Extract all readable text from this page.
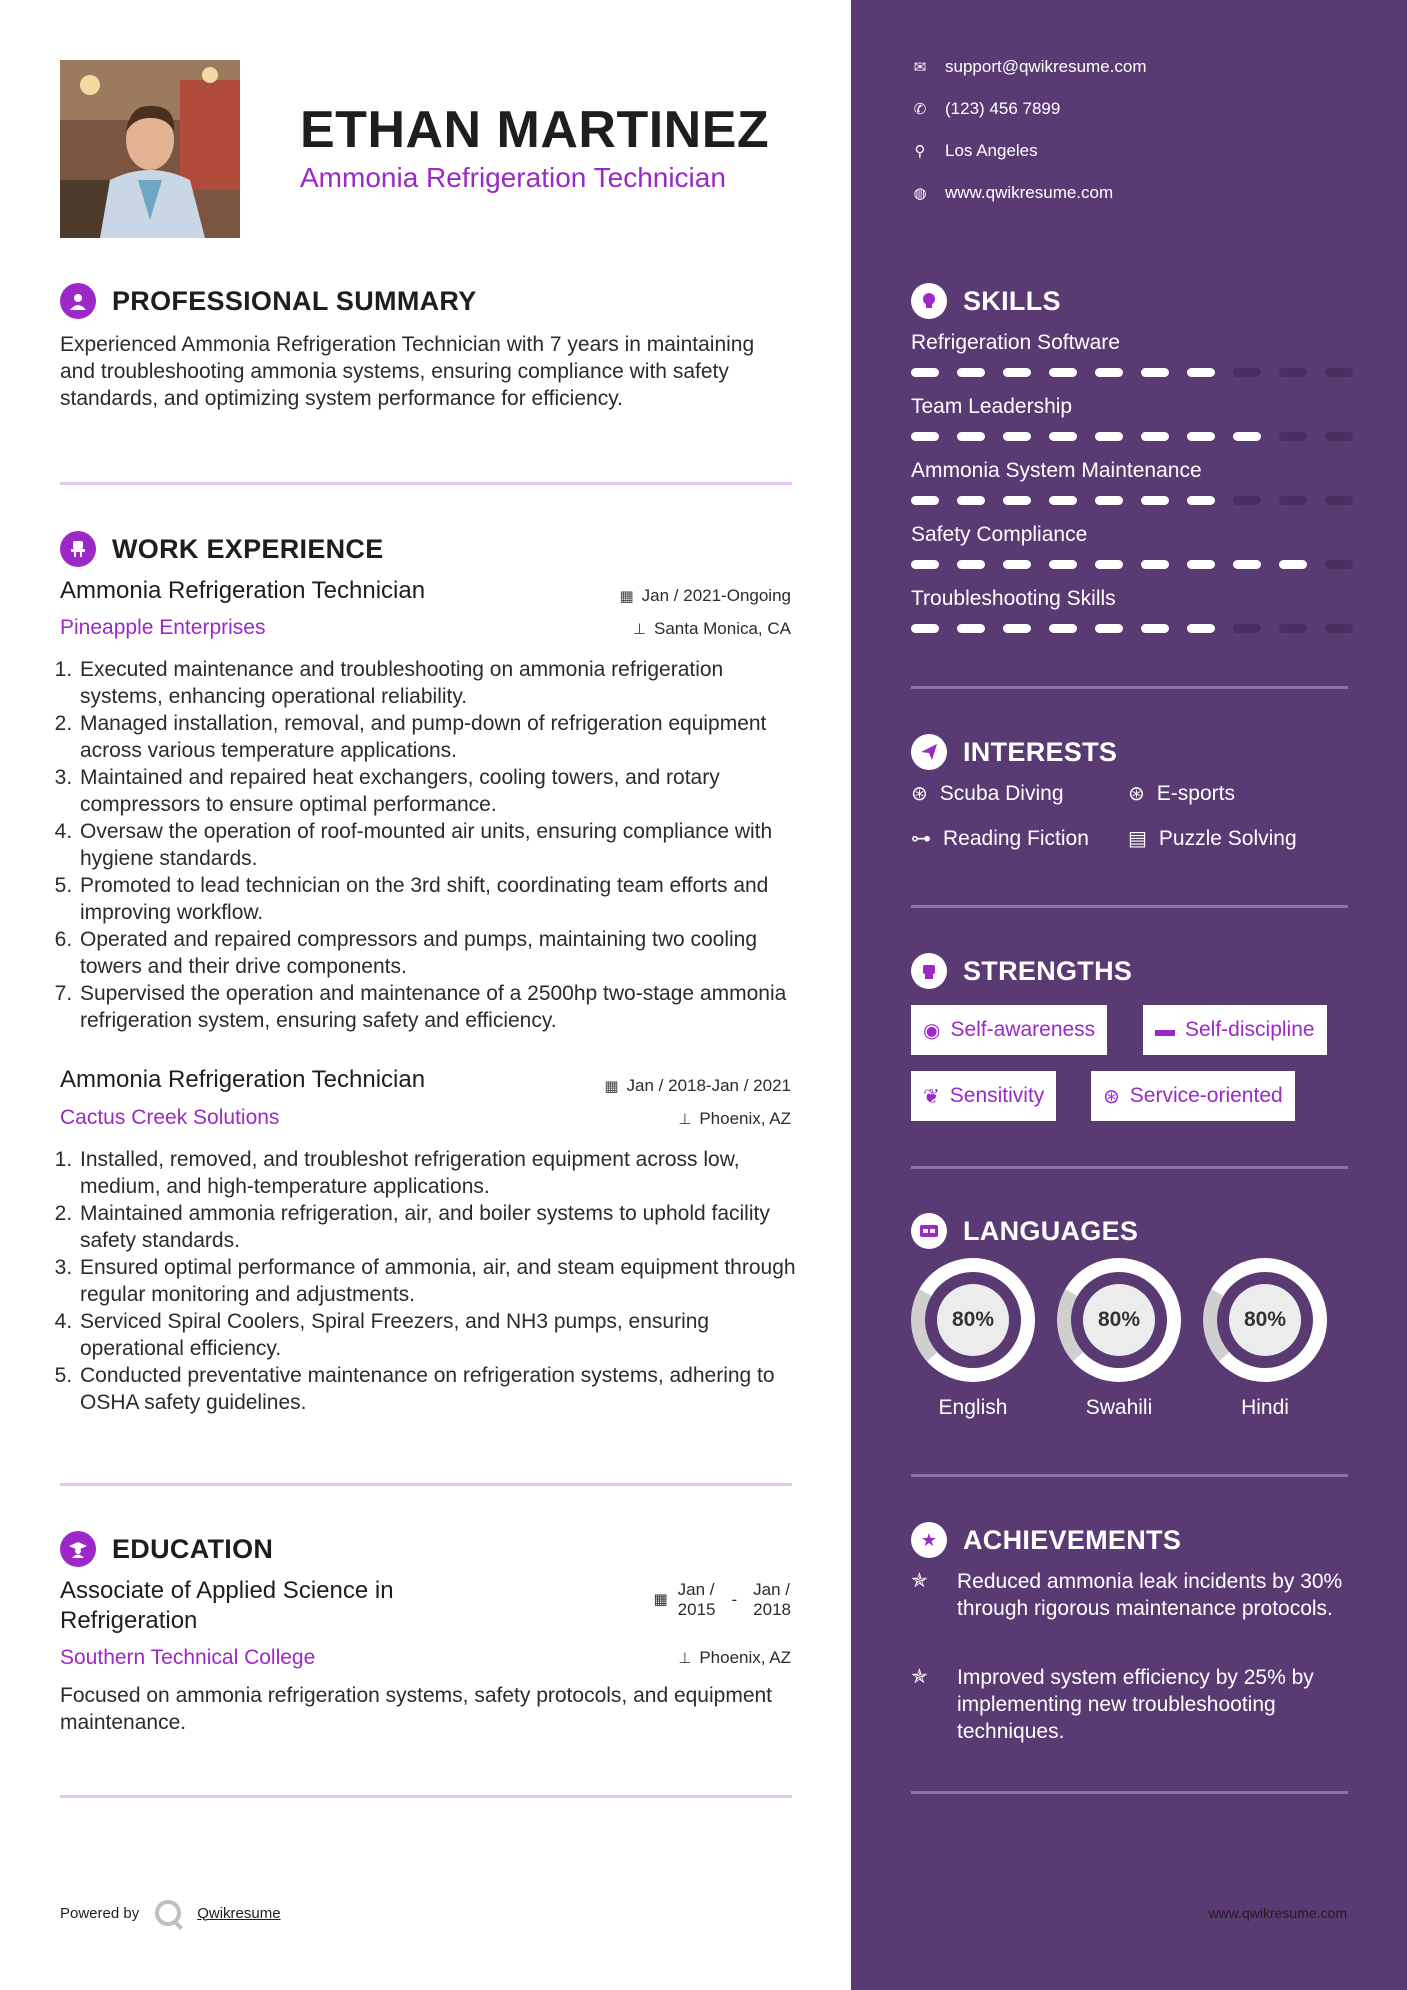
ETHAN MARTINEZ
Ammonia Refrigeration Technician
PROFESSIONAL SUMMARY
Experienced Ammonia Refrigeration Technician with 7 years in maintaining and troubleshooting ammonia systems, ensuring compliance with safety standards, and optimizing system performance for efficiency.
WORK EXPERIENCE
Ammonia Refrigeration Technician	▦ Jan / 2021-Ongoing
Pineapple Enterprises	⊥ Santa Monica, CA
1. Executed maintenance and troubleshooting on ammonia refrigeration systems, enhancing operational reliability.
2. Managed installation, removal, and pump-down of refrigeration equipment across various temperature applications.
3. Maintained and repaired heat exchangers, cooling towers, and rotary compressors to ensure optimal performance.
4. Oversaw the operation of roof-mounted air units, ensuring compliance with hygiene standards.
5. Promoted to lead technician on the 3rd shift, coordinating team efforts and improving workflow.
6. Operated and repaired compressors and pumps, maintaining two cooling towers and their drive components.
7. Supervised the operation and maintenance of a 2500hp two-stage ammonia refrigeration system, ensuring safety and efficiency.
Ammonia Refrigeration Technician	▦ Jan / 2018-Jan / 2021
Cactus Creek Solutions	⊥ Phoenix, AZ
1. Installed, removed, and troubleshot refrigeration equipment across low, medium, and high-temperature applications.
2. Maintained ammonia refrigeration, air, and boiler systems to uphold facility safety standards.
3. Ensured optimal performance of ammonia, air, and steam equipment through regular monitoring and adjustments.
4. Serviced Spiral Coolers, Spiral Freezers, and NH3 pumps, ensuring operational efficiency.
5. Conducted preventative maintenance on refrigeration systems, adhering to OSHA safety guidelines.
EDUCATION
Associate of Applied Science in
Refrigeration
▦
Jan /
2015
-
Jan /
2018
Southern Technical College	⊥ Phoenix, AZ
Focused on ammonia refrigeration systems, safety protocols, and equipment maintenance.
Powered by	Qwikresume
✉ support@qwikresume.com
✆ (123) 456 7899
⚲ Los Angeles
◍ www.qwikresume.com
SKILLS
Refrigeration Software
Team Leadership
Ammonia System Maintenance
Safety Compliance
Troubleshooting Skills
INTERESTS
⊛ Scuba Diving	⊛ E-sports
⊶ Reading Fiction ▤ Puzzle Solving
STRENGTHS
◉ Self-awareness	▬ Self-discipline
❦ Sensitivity	⊛ Service-oriented
LANGUAGES
80%	80%	80%
English	Swahili	Hindi
★ ACHIEVEMENTS
✯	Reduced ammonia leak incidents by 30% through rigorous maintenance protocols.
✯	Improved system efficiency by 25% by implementing new troubleshooting techniques.
www.qwikresume.com
